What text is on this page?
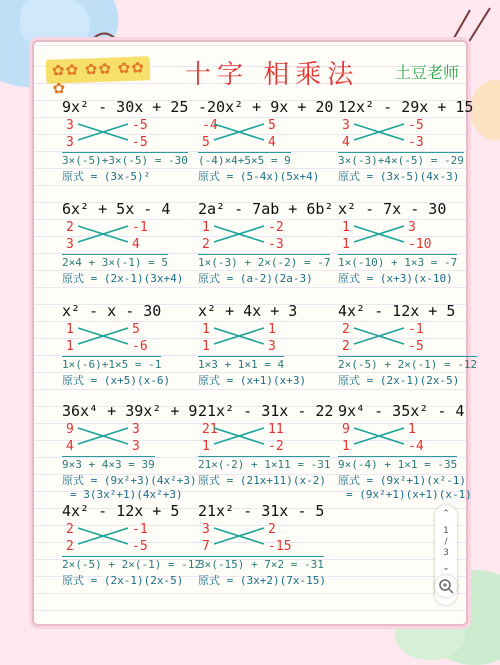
✿✿ ✿✿ ✿✿ ✿	十字 相乘法 土豆老师
9x² - 30x + 25
3
3
-5
-5
3×(-5)+3×(-5) = -30
原式 = (3x-5)²
-20x² + 9x + 20
-4
5
5
4
(-4)×4+5×5 = 9
原式 = (5-4x)(5x+4)
12x² - 29x + 15
3
4
-5
-3
3×(-3)+4×(-5) = -29
原式 = (3x-5)(4x-3)
6x² + 5x - 4
2
3
-1
4
2×4 + 3×(-1) = 5
原式 = (2x-1)(3x+4)
2a² - 7ab + 6b²
1
2
-2
-3
1×(-3) + 2×(-2) = -7
原式 = (a-2)(2a-3)
x² - 7x - 30
1
1
3
-10
1×(-10) + 1×3 = -7
原式 = (x+3)(x-10)
x² - x - 30
1
1
5
-6
1×(-6)+1×5 = -1
原式 = (x+5)(x-6)
x² + 4x + 3
1
1
1
3
1×3 + 1×1 = 4
原式 = (x+1)(x+3)
4x² - 12x + 5
2
2
-1
-5
2×(-5) + 2×(-1) = -12
原式 = (2x-1)(2x-5)
36x⁴ + 39x² + 9
9
4
3
3
9×3 + 4×3 = 39
原式 = (9x²+3)(4x²+3)
= 3(3x²+1)(4x²+3)
21x² - 31x - 22
21
1
11
-2
21×(-2) + 1×11 = -31
原式 = (21x+11)(x-2)
9x⁴ - 35x² - 4
9
1
1
-4
9×(-4) + 1×1 = -35
原式 = (9x²+1)(x²-1)
= (9x²+1)(x+1)(x-1)
4x² - 12x + 5
2
2
-1
-5
2×(-5) + 2×(-1) = -12
原式 = (2x-1)(2x-5)
21x² - 31x - 5
3
7
2
-15
3×(-15) + 7×2 = -31
原式 = (3x+2)(7x-15)
⌃
1
/
3
⌄
